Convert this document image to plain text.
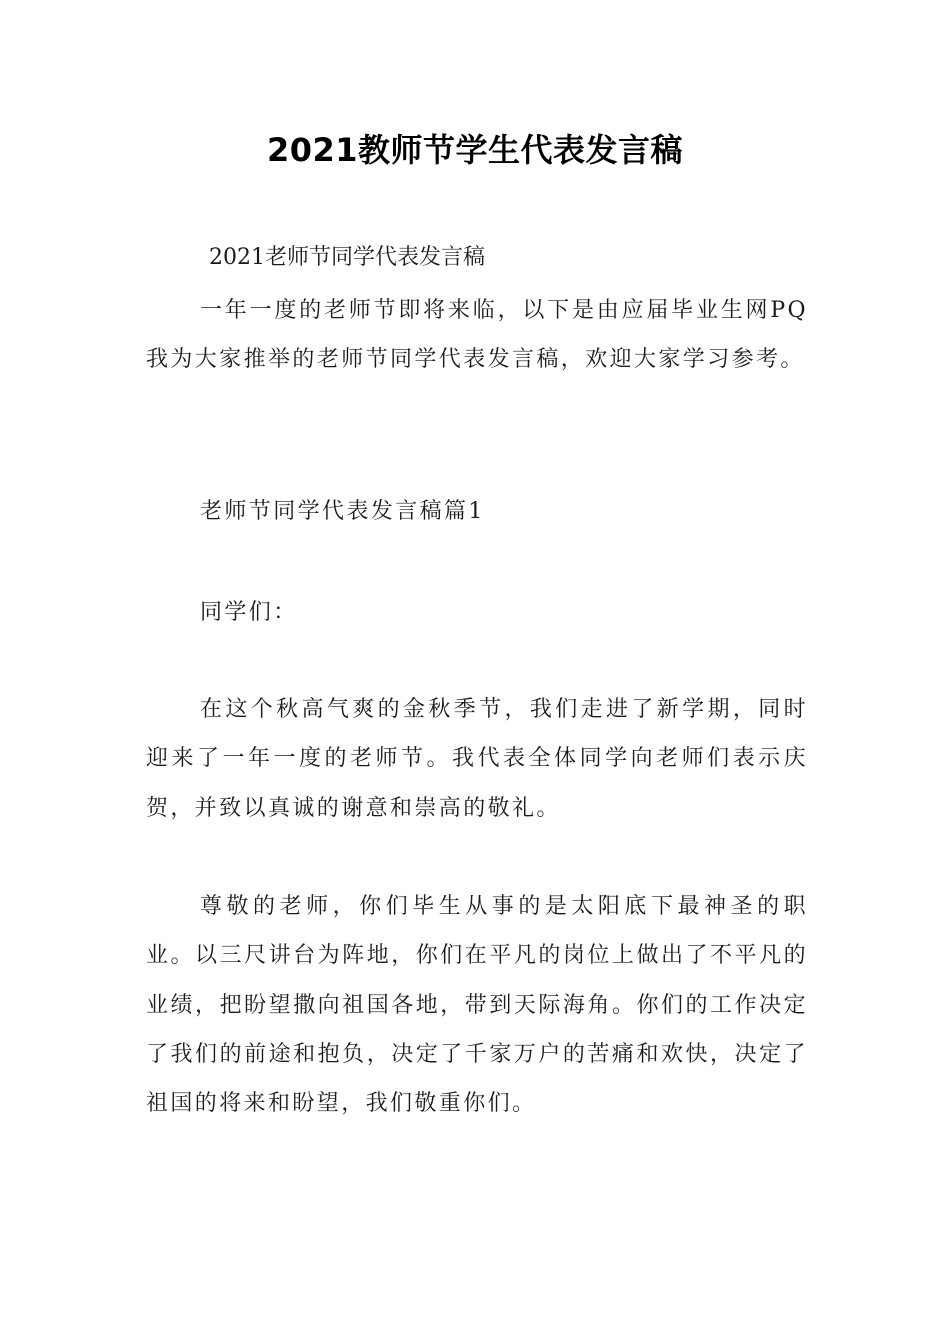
2021教师节学生代表发言稿
2021老师节同学代表发言稿

一年一度的老师节即将来临，以下是由应届毕业生网PQ我为大家推举的老师节同学代表发言稿，欢迎大家学习参考。

老师节同学代表发言稿篇1

同学们：

在这个秋高气爽的金秋季节，我们走进了新学期，同时迎来了一年一度的老师节。我代表全体同学向老师们表示庆贺，并致以真诚的谢意和崇高的敬礼。

尊敬的老师，你们毕生从事的是太阳底下最神圣的职业。以三尺讲台为阵地，你们在平凡的岗位上做出了不平凡的业绩，把盼望撒向祖国各地，带到天际海角。你们的工作决定了我们的前途和抱负，决定了千家万户的苦痛和欢快，决定了祖国的将来和盼望，我们敬重你们。
